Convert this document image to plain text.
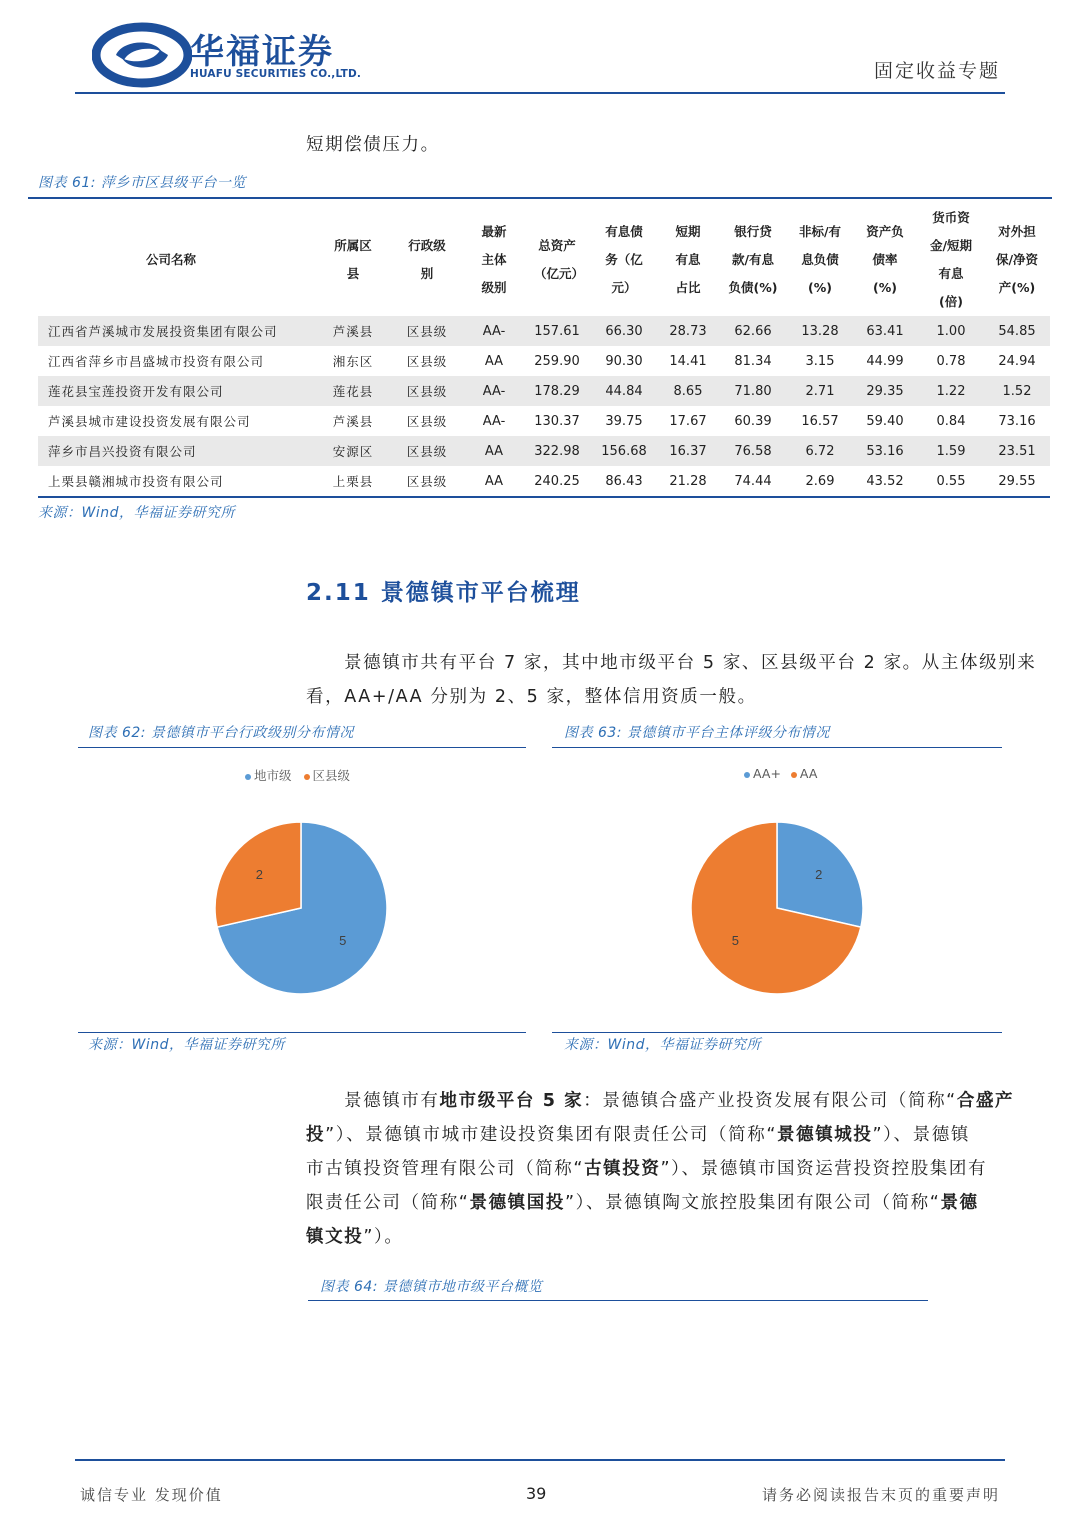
华福证券
HUAFU SECURITIES CO.,LTD.	固定收益专题
短期偿债压力。
图表 61: 萍乡市区县级平台一览
公司名称	所属区县	行政级别	最新主体级别	总资产（亿元）	有息债务（亿元）	短期有息占比	银行贷款/有息负债(%)	非标/有息负债(%)	资产负债率(%)	货币资金/短期有息(倍)	对外担保/净资产(%)

江西省芦溪城市发展投资集团有限公司	芦溪县	区县级	AA-	157.61	66.30	28.73	62.66	13.28	63.41	1.00	54.85
江西省萍乡市昌盛城市投资有限公司	湘东区	区县级	AA	259.90	90.30	14.41	81.34	3.15	44.99	0.78	24.94
莲花县宝莲投资开发有限公司	莲花县	区县级	AA-	178.29	44.84	8.65	71.80	2.71	29.35	1.22	1.52
芦溪县城市建设投资发展有限公司	芦溪县	区县级	AA-	130.37	39.75	17.67	60.39	16.57	59.40	0.84	73.16
萍乡市昌兴投资有限公司	安源区	区县级	AA	322.98	156.68	16.37	76.58	6.72	53.16	1.59	23.51
上栗县赣湘城市投资有限公司	上栗县	区县级	AA	240.25	86.43	21.28	74.44	2.69	43.52	0.55	29.55
来源：Wind，华福证券研究所
2.11 景德镇市平台梳理
景德镇市共有平台 7 家，其中地市级平台 5 家、区县级平台 2 家。从主体级别来
看，AA+/AA 分别为 2、5 家，整体信用资质一般。
图表 62: 景德镇市平台行政级别分布情况
地市级 区县级
5
2
来源：Wind，华福证券研究所
图表 63: 景德镇市平台主体评级分布情况
AA+ AA
2
5
来源：Wind，华福证券研究所
景德镇市有地市级平台 5 家：景德镇合盛产业投资发展有限公司（简称“合盛产
投”）、景德镇市城市建设投资集团有限责任公司（简称“景德镇城投”）、景德镇
市古镇投资管理有限公司（简称“古镇投资”）、景德镇市国资运营投资控股集团有
限责任公司（简称“景德镇国投”）、景德镇陶文旅控股集团有限公司（简称“景德
镇文投”）。
图表 64: 景德镇市地市级平台概览
诚信专业 发现价值	39	请务必阅读报告末页的重要声明
